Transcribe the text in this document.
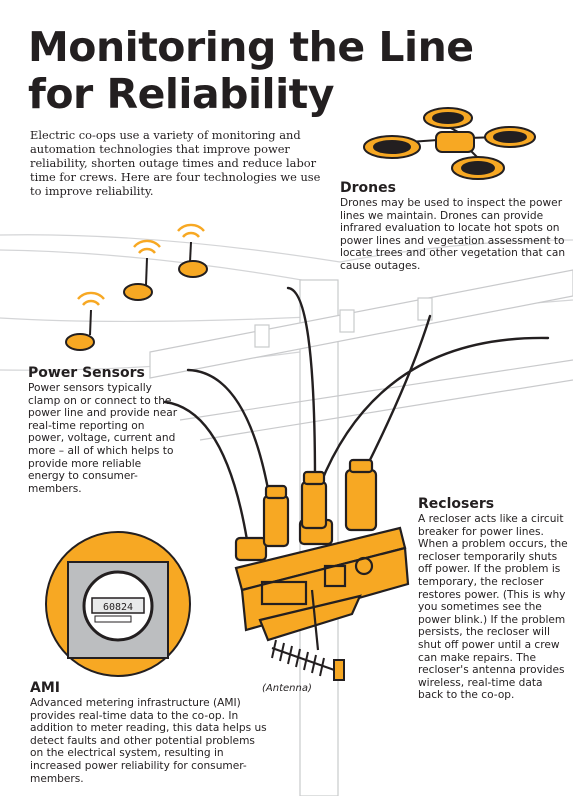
60824
Monitoring the Line
for Reliability

Electric co-ops use a variety of monitoring and automation technologies that improve power reliability, shorten outage times and reduce labor time for crews. Here are four technologies we use to improve reliability.	Drones

Drones may be used to inspect the power lines we maintain. Drones can provide infrared evaluation to locate hot spots on power lines and vegetation assessment to locate trees and other vegetation that can cause outages.

Power Sensors

Power sensors typically clamp on or connect to the power line and provide near real-time reporting on power, voltage, current and more – all of which helps to provide more reliable energy to consumer-members.

Reclosers

A recloser acts like a circuit breaker for power lines. When a problem occurs, the recloser temporarily shuts off power. If the problem is temporary, the recloser restores power. (This is why you sometimes see the power blink.) If the problem persists, the recloser will shut off power until a crew can make repairs. The recloser's antenna provides wireless, real-time data back to the co-op.

AMI

Advanced metering infrastructure (AMI) provides real-time data to the co-op. In addition to meter reading, this data helps us detect faults and other potential problems on the electrical system, resulting in increased power reliability for consumer-members.

(Antenna)
